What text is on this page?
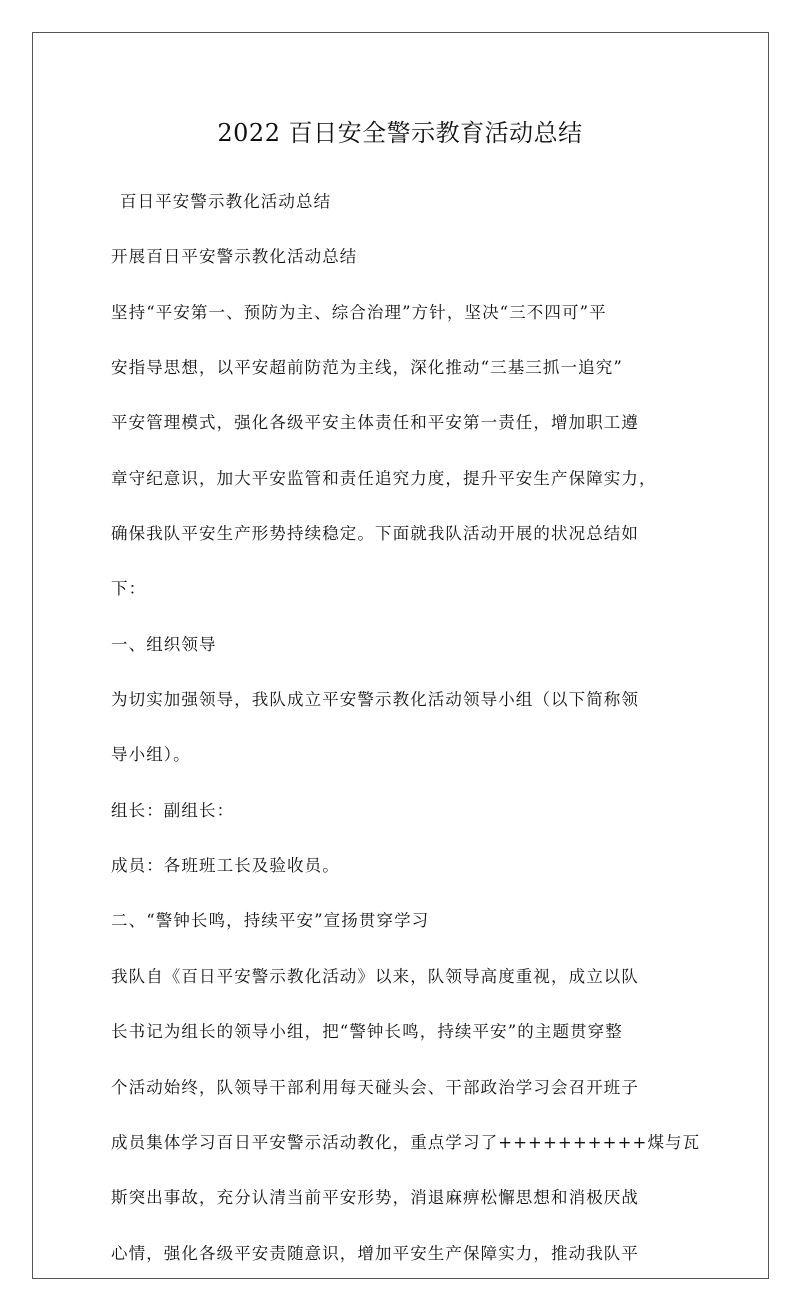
2022 百日安全警示教育活动总结
百日平安警示教化活动总结
开展百日平安警示教化活动总结
坚持“平安第一、预防为主、综合治理”方针，坚决“三不四可”平
安指导思想，以平安超前防范为主线，深化推动“三基三抓一追究”
平安管理模式，强化各级平安主体责任和平安第一责任，增加职工遵
章守纪意识，加大平安监管和责任追究力度，提升平安生产保障实力，
确保我队平安生产形势持续稳定。下面就我队活动开展的状况总结如
下：
一、组织领导
为切实加强领导，我队成立平安警示教化活动领导小组（以下简称领
导小组）。
组长：副组长：
成员：各班班工长及验收员。
二、“警钟长鸣，持续平安”宣扬贯穿学习
我队自《百日平安警示教化活动》以来，队领导高度重视，成立以队
长书记为组长的领导小组，把“警钟长鸣，持续平安”的主题贯穿整
个活动始终，队领导干部利用每天碰头会、干部政治学习会召开班子
成员集体学习百日平安警示活动教化，重点学习了++++++++++煤与瓦
斯突出事故，充分认清当前平安形势，消退麻痹松懈思想和消极厌战
心情，强化各级平安责随意识，增加平安生产保障实力，推动我队平
